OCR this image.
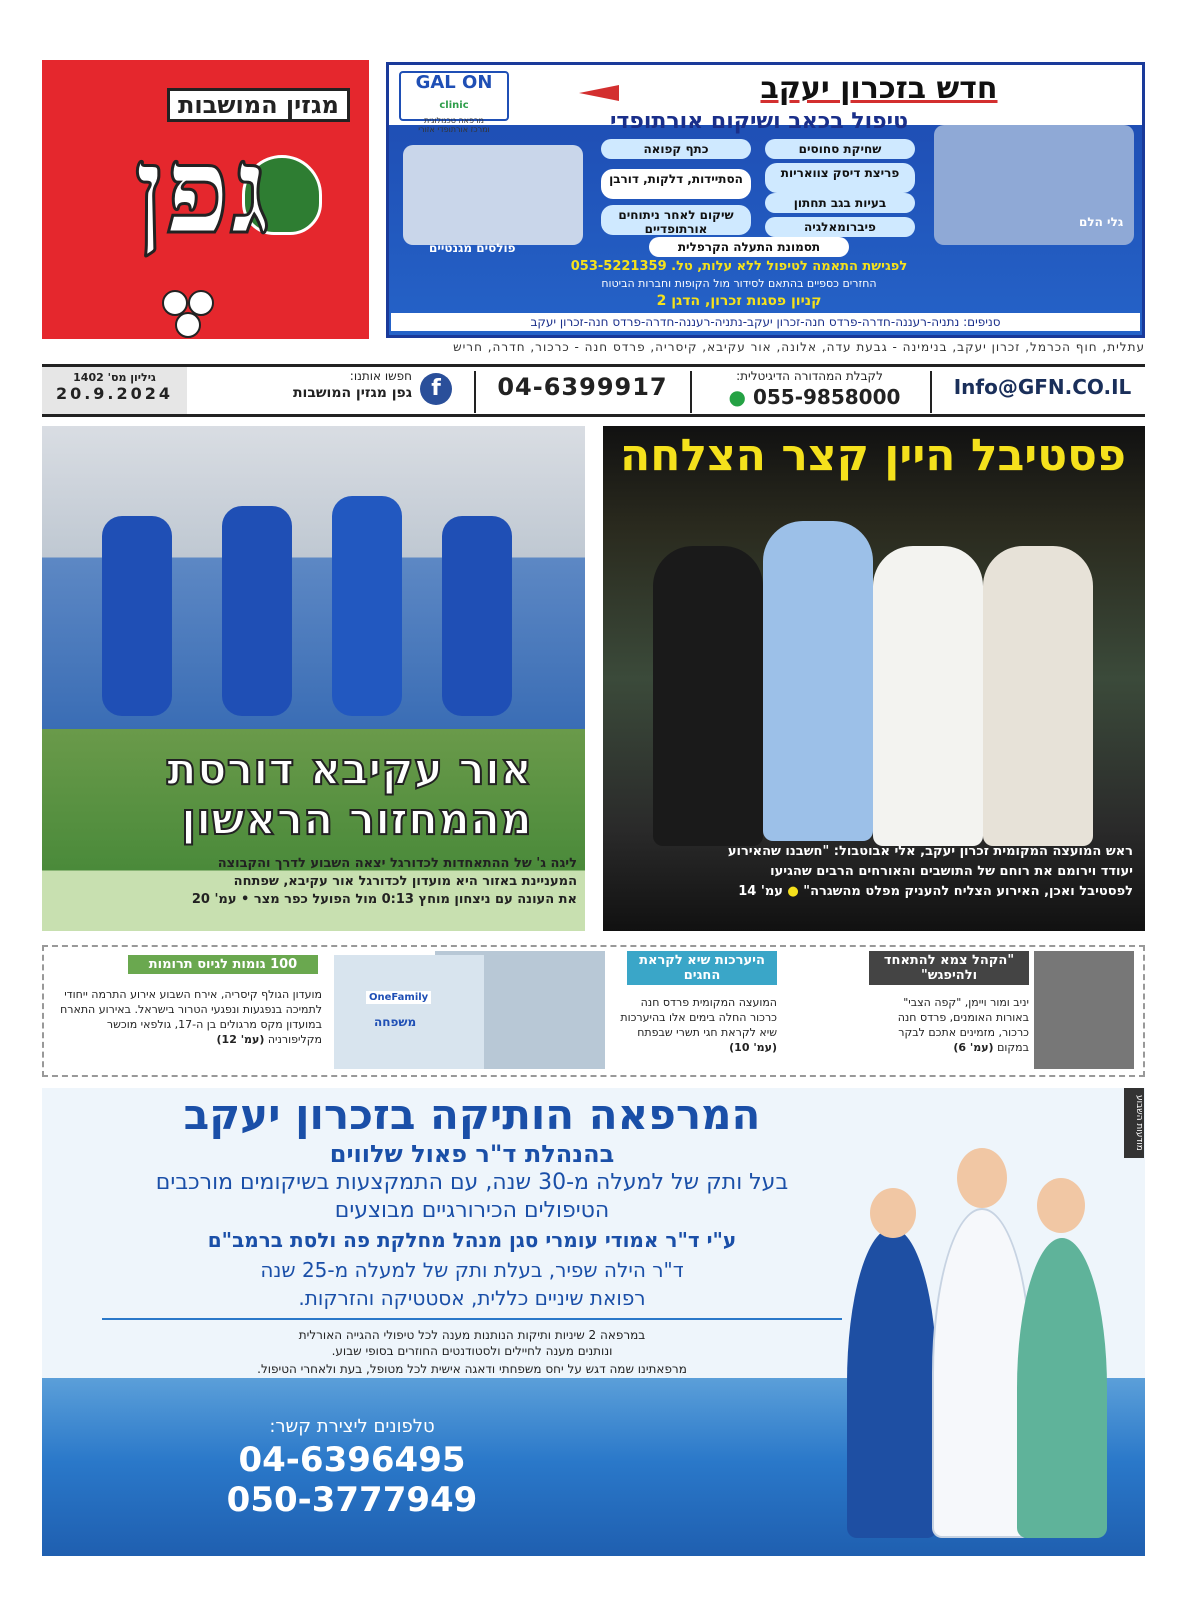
מגזין המושבות
גפן
GAL ON clinic
מרפאה טכנולוגית
ומרכז אורתופדי אזורי
חדש בזכרון יעקב
טיפול בכאב ושיקום אורתופדי
שחיקת סחוסים
כתף קפואה
פריצת דיסק צוואריות
הסתיידות, דלקות, דורבן
בעיות בגב תחתון
שיקום לאחר ניתוחים אורתופדיים	פיברומאלגיה
תסמונת התעלה הקרפלית
פולסים מגנטיים
גלי הלם
לפגישת התאמה לטיפול ללא עלות, טל. 053-5221359
החזרים כספיים בהתאם לסידור מול הקופות וחברות הביטוח
קניון פסגות זכרון, הדגן 2
סניפים: נתניה-רעננה-חדרה-פרדס חנה-זכרון יעקב-נתניה-רעננה-חדרה-פרדס חנה-זכרון יעקב
עתלית, חוף הכרמל, זכרון יעקב, בנימינה - גבעת עדה, אלונה, אור עקיבא, קיסריה, פרדס חנה - כרכור, חדרה, חריש
Info@GFN.CO.IL
לקבלת המהדורה הדיגיטלית:
● 055-9858000
04-6399917
חפשו אותנו:
גפן מגזין המושבות f
גיליון מס' 1402
20.9.2024
אור עקיבא דורסת
מהמחזור הראשון
ליגה ג' של ההתאחדות לכדורגל יצאה השבוע לדרך והקבוצה
המעניינת באזור היא מועדון לכדורגל אור עקיבא, שפתחה
את העונה עם ניצחון מוחץ 0:13 מול הפועל כפר מצר • עמ' 20
פסטיבל היין קצר הצלחה
ראש המועצה המקומית זכרון יעקב, אלי אבוטבול: "חשבנו שהאירוע
יעודד וירומם את רוחם של התושבים והאורחים הרבים שהגיעו
לפסטיבל ואכן, האירוע הצליח להעניק מפלט מהשגרה" ● עמ' 14
"הקהל צמא להתאחד ולהיפגש"
יניב ומור ויימן, "קפה הצבי" באורות האומנים, פרדס חנה כרכור, מזמינים אתכם לבקר במקום (עמ' 6)
היערכות שיא לקראת החגים
המועצה המקומית פרדס חנה כרכור החלה בימים אלו בהיערכות שיא לקראת חגי תשרי שבפתח (עמ' 10)
100 גומות לגיוס תרומות
מועדון הגולף קיסריה, אירח השבוע אירוע התרמה ייחודי לתמיכה בנפגעות ונפגעי הטרור בישראל. באירוע התארח במועדון מקס מרגולים בן ה-17, גולפאי מוכשר מקליפורניה (עמ' 12)
OneFamily
משפחה
המרפאה הותיקה בזכרון יעקב
בהנהלת ד"ר פאול שלווים
בעל ותק של למעלה מ-30 שנה, עם התמקצעות בשיקומים מורכבים
הטיפולים הכירורגיים מבוצעים
ע"י ד"ר אמודי עומרי סגן מנהל מחלקת פה ולסת ברמב"ם
ד"ר הילה שפיר, בעלת ותק של למעלה מ-25 שנה
רפואת שיניים כללית, אסטטיקה והזרקות.
במרפאה 2 שיניות ותיקות הנותנות מענה לכל טיפולי ההגייה האורלית
ונותנים מענה לחיילים ולסטודנטים החוזרים בסופי שבוע.
מרפאתינו שמה דגש על יחס משפחתי ודאגה אישית לכל מטופל, בעת ולאחרי הטיפול.
טלפונים ליצירת קשר:
04-6396495
050-3777949
מודעות השבוע
